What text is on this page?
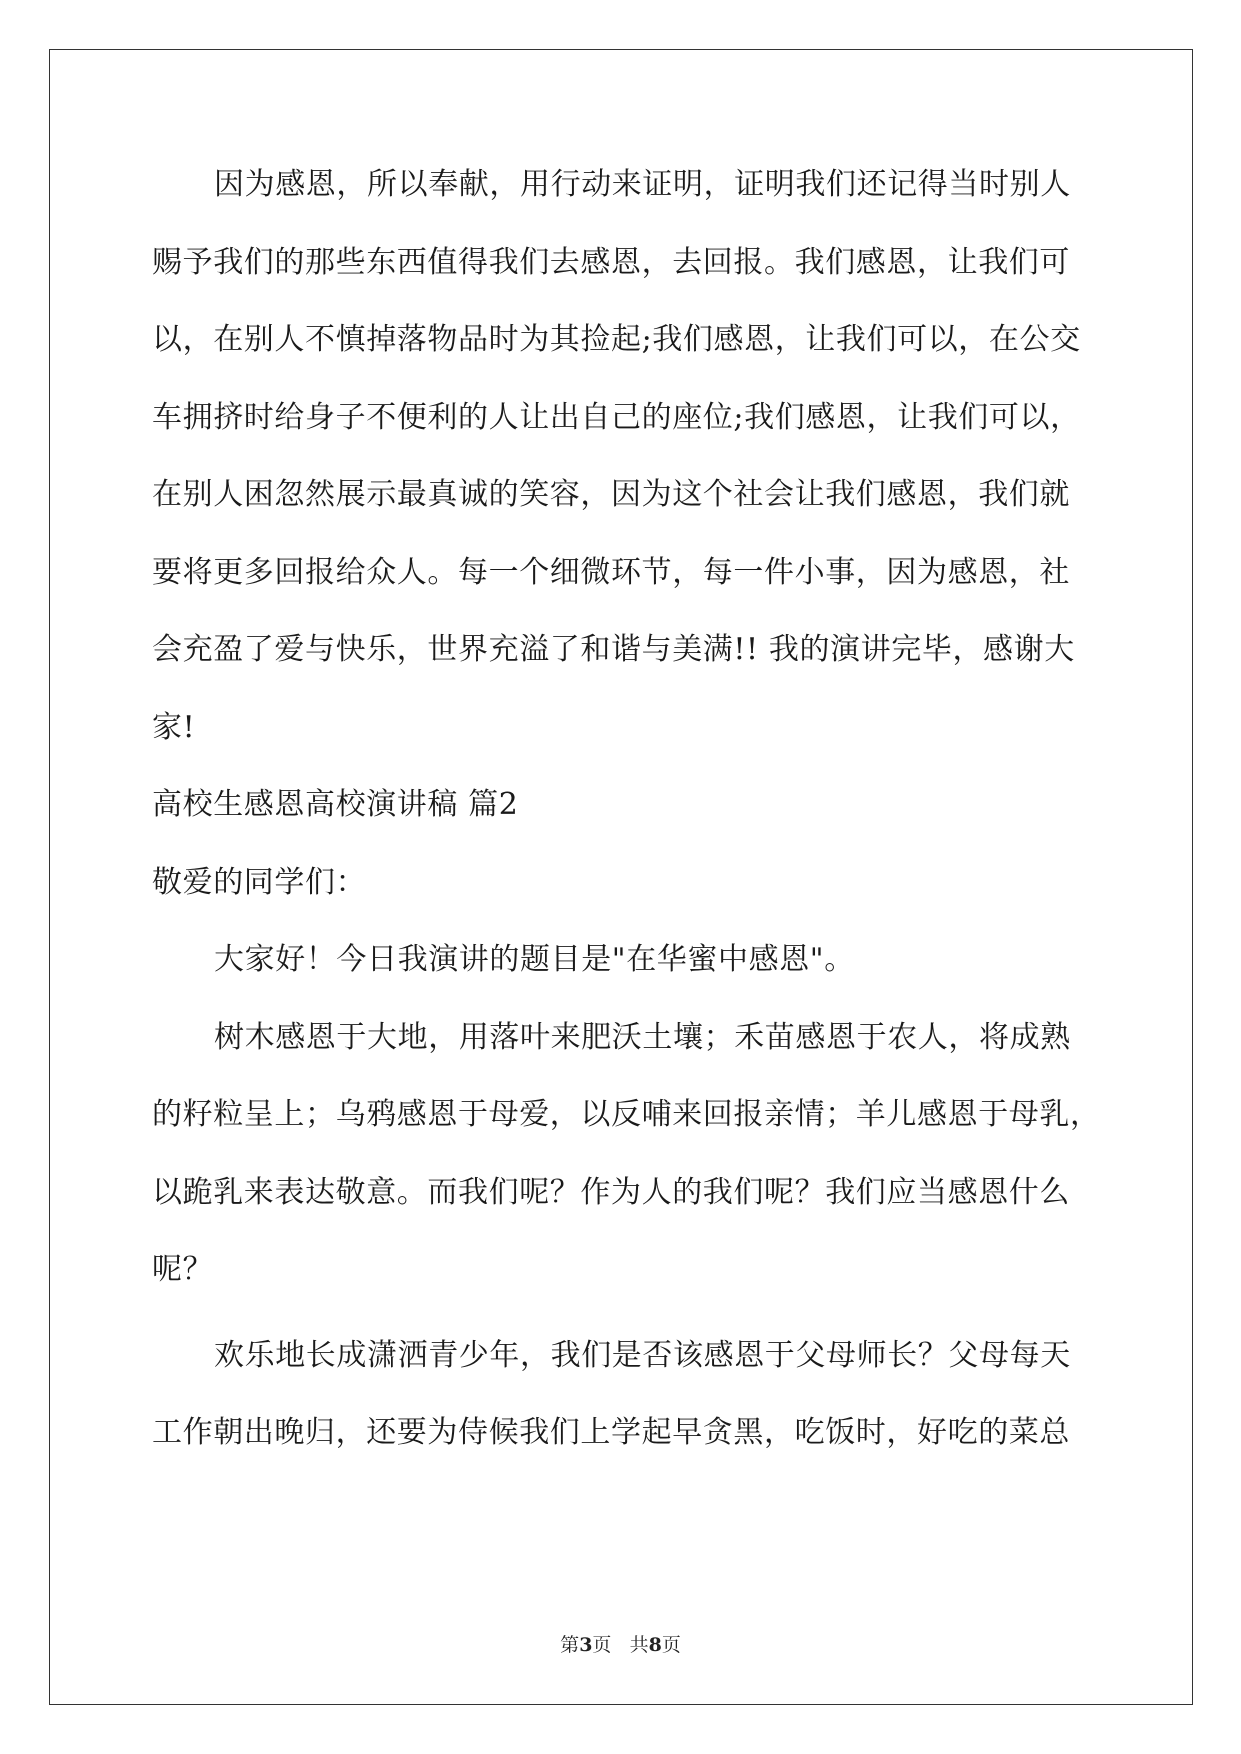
因为感恩，所以奉献，用行动来证明，证明我们还记得当时别人
赐予我们的那些东西值得我们去感恩，去回报。我们感恩，让我们可
以，在别人不慎掉落物品时为其捡起;我们感恩，让我们可以，在公交
车拥挤时给身子不便利的人让出自己的座位;我们感恩，让我们可以，
在别人困忽然展示最真诚的笑容，因为这个社会让我们感恩，我们就
要将更多回报给众人。每一个细微环节，每一件小事，因为感恩，社
会充盈了爱与快乐，世界充溢了和谐与美满!! 我的演讲完毕，感谢大
家!
高校生感恩高校演讲稿 篇2
敬爱的同学们：
大家好！今日我演讲的题目是"在华蜜中感恩"。
树木感恩于大地，用落叶来肥沃土壤；禾苗感恩于农人，将成熟
的籽粒呈上；乌鸦感恩于母爱，以反哺来回报亲情；羊儿感恩于母乳，
以跪乳来表达敬意。而我们呢？作为人的我们呢？我们应当感恩什么
呢？
欢乐地长成潇洒青少年，我们是否该感恩于父母师长？父母每天
工作朝出晚归，还要为侍候我们上学起早贪黑，吃饭时，好吃的菜总
第3页 共8页
